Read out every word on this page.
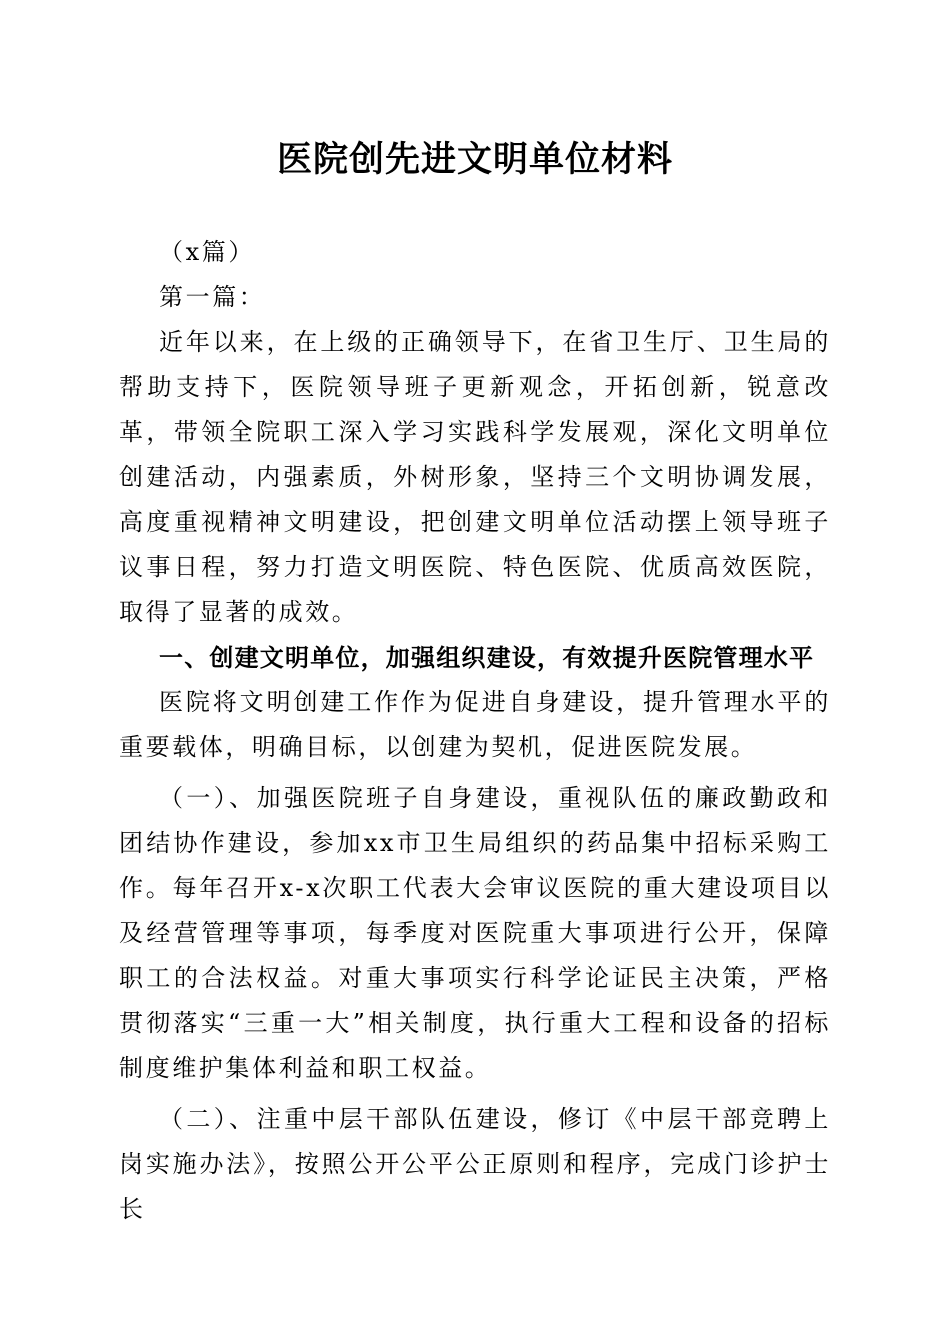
医院创先进文明单位材料

（x篇）

第一篇：

近年以来，在上级的正确领导下，在省卫生厅、卫生局的帮助支持下，医院领导班子更新观念，开拓创新，锐意改革，带领全院职工深入学习实践科学发展观，深化文明单位创建活动，内强素质，外树形象，坚持三个文明协调发展，高度重视精神文明建设，把创建文明单位活动摆上领导班子议事日程，努力打造文明医院、特色医院、优质高效医院，取得了显著的成效。

一、创建文明单位，加强组织建设，有效提升医院管理水平

医院将文明创建工作作为促进自身建设，提升管理水平的重要载体，明确目标，以创建为契机，促进医院发展。

（一）、加强医院班子自身建设，重视队伍的廉政勤政和团结协作建设，参加xx市卫生局组织的药品集中招标采购工作。每年召开x-x次职工代表大会审议医院的重大建设项目以及经营管理等事项，每季度对医院重大事项进行公开，保障职工的合法权益。对重大事项实行科学论证民主决策，严格贯彻落实“三重一大”相关制度，执行重大工程和设备的招标制度维护集体利益和职工权益。

（二）、注重中层干部队伍建设，修订《中层干部竞聘上岗实施办法》，按照公开公平公正原则和程序，完成门诊护士长
